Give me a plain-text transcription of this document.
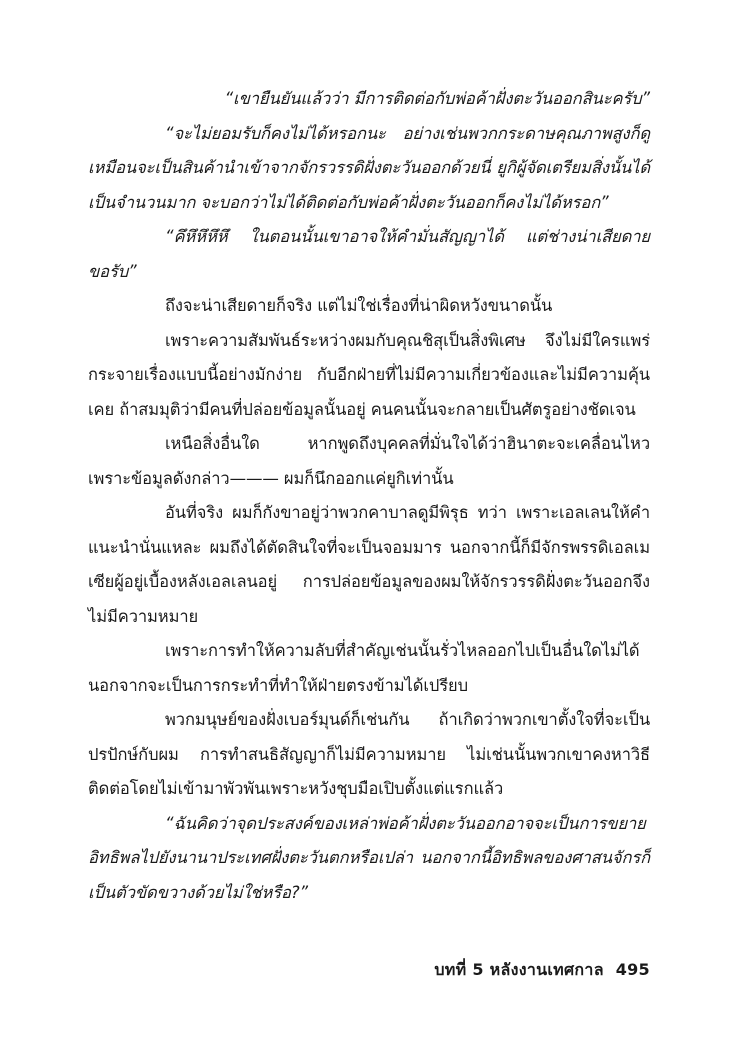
“เขายืนยันแล้วว่า มีการติดต่อกับพ่อค้าฝั่งตะวันออกสินะครับ”

“จะไม่ยอมรับก็คงไม่ได้หรอกนะ อย่างเช่นพวกกระดาษคุณภาพสูงก็ดูเหมือนจะเป็นสินค้านำเข้าจากจักรวรรดิฝั่งตะวันออกด้วยนี่ ยูกิผู้จัดเตรียมสิ่งนั้นได้เป็นจำนวนมาก จะบอกว่าไม่ได้ติดต่อกับพ่อค้าฝั่งตะวันออกก็คงไม่ได้หรอก”

“คึหึหึหึหึ ในตอนนั้นเขาอาจให้คำมั่นสัญญาได้ แต่ช่างน่าเสียดายขอรับ”

ถึงจะน่าเสียดายก็จริง แต่ไม่ใช่เรื่องที่น่าผิดหวังขนาดนั้น

เพราะความสัมพันธ์ระหว่างผมกับคุณชิสุเป็นสิ่งพิเศษ จึงไม่มีใครแพร่กระจายเรื่องแบบนี้อย่างมักง่าย กับอีกฝ่ายที่ไม่มีความเกี่ยวข้องและไม่มีความคุ้นเคย ถ้าสมมุติว่ามีคนที่ปล่อยข้อมูลนั้นอยู่ คนคนนั้นจะกลายเป็นศัตรูอย่างชัดเจน

เหนือสิ่งอื่นใด หากพูดถึงบุคคลที่มั่นใจได้ว่าฮินาตะจะเคลื่อนไหวเพราะข้อมูลดังกล่าว——— ผมก็นึกออกแค่ยูกิเท่านั้น

อันที่จริง ผมก็กังขาอยู่ว่าพวกคาบาลดูมีพิรุธ ทว่า เพราะเอลเลนให้คำแนะนำนั่นแหละ ผมถึงได้ตัดสินใจที่จะเป็นจอมมาร นอกจากนี้ก็มีจักรพรรดิเอลเมเซียผู้อยู่เบื้องหลังเอลเลนอยู่ การปล่อยข้อมูลของผมให้จักรวรรดิฝั่งตะวันออกจึงไม่มีความหมาย

เพราะการทำให้ความลับที่สำคัญเช่นนั้นรั่วไหลออกไปเป็นอื่นใดไม่ได้ นอกจากจะเป็นการกระทำที่ทำให้ฝ่ายตรงข้ามได้เปรียบ

พวกมนุษย์ของฝั่งเบอร์มุนด์ก็เช่นกัน ถ้าเกิดว่าพวกเขาตั้งใจที่จะเป็นปรปักษ์กับผม การทำสนธิสัญญาก็ไม่มีความหมาย ไม่เช่นนั้นพวกเขาคงหาวิธีติดต่อโดยไม่เข้ามาพัวพันเพราะหวังชุบมือเปิบตั้งแต่แรกแล้ว

“ฉันคิดว่าจุดประสงค์ของเหล่าพ่อค้าฝั่งตะวันออกอาจจะเป็นการขยายอิทธิพลไปยังนานาประเทศฝั่งตะวันตกหรือเปล่า นอกจากนี้อิทธิพลของศาสนจักรก็เป็นตัวขัดขวางด้วยไม่ใช่หรือ?”

บทที่ 5 หลังงานเทศกาล 495
